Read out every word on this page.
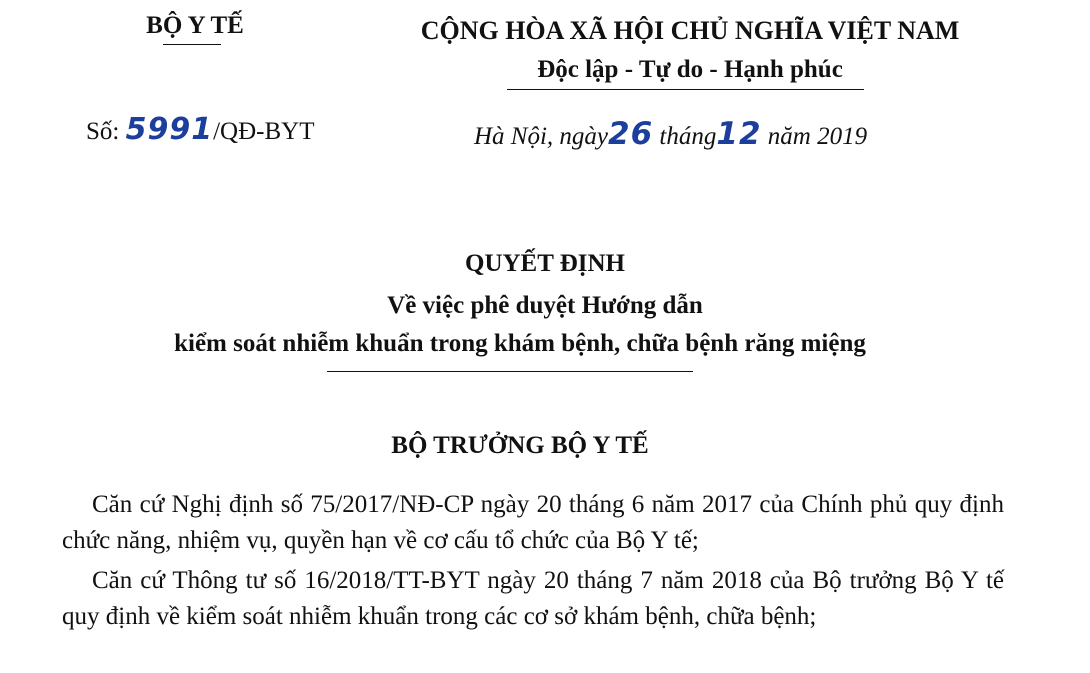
BỘ Y TẾ
Số: 5991/QĐ-BYT
CỘNG HÒA XÃ HỘI CHỦ NGHĨA VIỆT NAM
Độc lập - Tự do - Hạnh phúc
Hà Nội, ngày26 tháng12 năm 2019
QUYẾT ĐỊNH
Về việc phê duyệt Hướng dẫn
kiểm soát nhiễm khuẩn trong khám bệnh, chữa bệnh răng miệng
BỘ TRƯỞNG BỘ Y TẾ
Căn cứ Nghị định số 75/2017/NĐ-CP ngày 20 tháng 6 năm 2017 của Chính phủ quy định chức năng, nhiệm vụ, quyền hạn về cơ cấu tổ chức của Bộ Y tế;
Căn cứ Thông tư số 16/2018/TT-BYT ngày 20 tháng 7 năm 2018 của Bộ trưởng Bộ Y tế quy định về kiểm soát nhiễm khuẩn trong các cơ sở khám bệnh, chữa bệnh;
